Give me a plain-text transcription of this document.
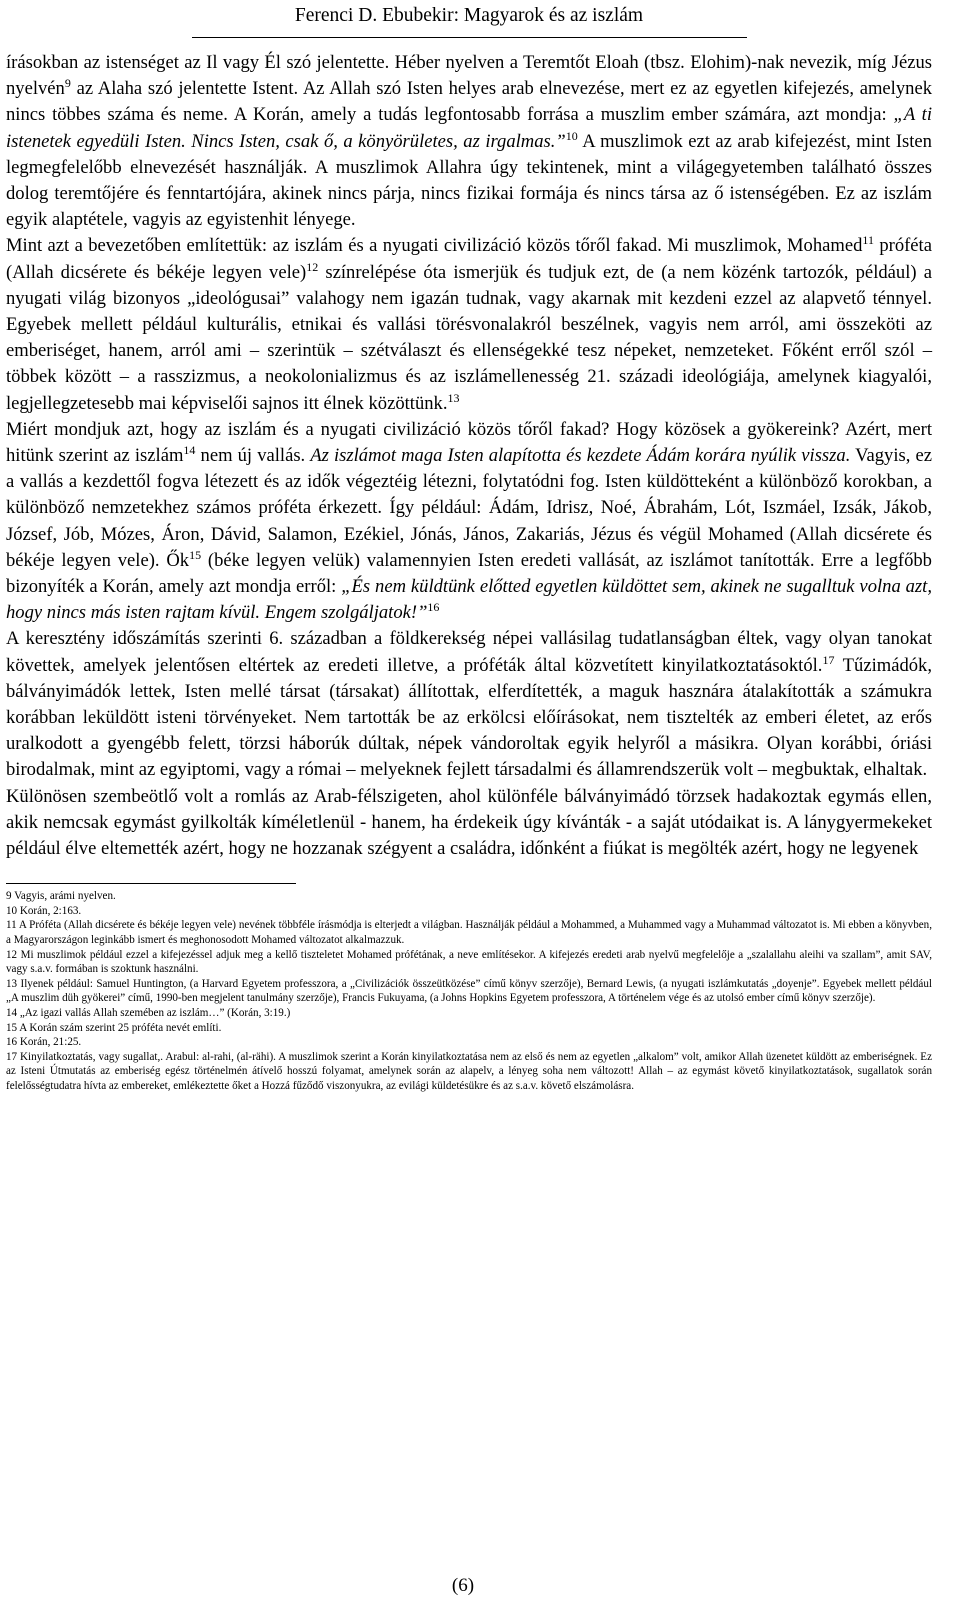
Ferenci D. Ebubekir: Magyarok és az iszlám

írásokban az istenséget az Il vagy Él szó jelentette. Héber nyelven a Teremtőt Eloah (tbsz. Elohim)-nak nevezik, míg Jézus nyelvén$^9$ az Alaha szó jelentette Istent. Az Allah szó Isten helyes arab elnevezése, mert ez az egyetlen kifejezés, amelynek nincs többes száma és neme. A Korán, amely a tudás legfontosabb forrása a muszlim ember számára, azt mondja: „A ti istenetek egyedüli Isten. Nincs Isten, csak ő, a könyörületes, az irgalmas.”$^{10}$ A muszlimok ezt az arab kifejezést, mint Isten legmegfelelőbb elnevezését használják. A muszlimok Allahra úgy tekintenek, mint a világegyetemben található összes dolog teremtőjére és fenntartójára, akinek nincs párja, nincs fizikai formája és nincs társa az ő istenségében. Ez az iszlám egyik alaptétele, vagyis az egyistenhit lényege.

Mint azt a bevezetőben említettük: az iszlám és a nyugati civilizáció közös tőről fakad. Mi muszlimok, Mohamed$^{11}$ próféta (Allah dicsérete és békéje legyen vele)$^{12}$ színrelépése óta ismerjük és tudjuk ezt, de (a nem közénk tartozók, például) a nyugati világ bizonyos „ideológusai” valahogy nem igazán tudnak, vagy akarnak mit kezdeni ezzel az alapvető ténnyel. Egyebek mellett például kulturális, etnikai és vallási törésvonalakról beszélnek, vagyis nem arról, ami összeköti az emberiséget, hanem, arról ami – szerintük – szétválaszt és ellenségekké tesz népeket, nemzeteket. Főként erről szól – többek között – a rasszizmus, a neokolonializmus és az iszlámellenesség 21. századi ideológiája, amelynek kiagyalói, legjellegzetesebb mai képviselői sajnos itt élnek közöttünk.$^{13}$

Miért mondjuk azt, hogy az iszlám és a nyugati civilizáció közös tőről fakad? Hogy közösek a gyökereink? Azért, mert hitünk szerint az iszlám$^{14}$ nem új vallás. Az iszlámot maga Isten alapította és kezdete Ádám korára nyúlik vissza. Vagyis, ez a vallás a kezdettől fogva létezett és az idők végeztéig létezni, folytatódni fog. Isten küldötteként a különböző korokban, a különböző nemzetekhez számos próféta érkezett. Így például: Ádám, Idrisz, Noé, Ábrahám, Lót, Iszmáel, Izsák, Jákob, József, Jób, Mózes, Áron, Dávid, Salamon, Ezékiel, Jónás, János, Zakariás, Jézus és végül Mohamed (Allah dicsérete és békéje legyen vele). $Ők^{15}$ (béke legyen velük) valamennyien Isten eredeti vallását, az iszlámot tanították. Erre a legfőbb bizonyíték a Korán, amely azt mondja erről: „És nem küldtünk előtted egyetlen küldöttet sem, akinek ne sugalltuk volna azt, hogy nincs más isten rajtam kívül. Engem szolgáljatok!”$^{16}$

A keresztény időszámítás szerinti 6. században a földkerekség népei vallásilag tudatlanságban éltek, vagy olyan tanokat követtek, amelyek jelentősen eltértek az eredeti illetve, a próféták által közvetített kinyilatkoztatásoktól.$^{17}$ Tűzimádók, bálványimádók lettek, Isten mellé társat (társakat) állítottak, elferdítették, a maguk hasznára átalakították a számukra korábban leküldött isteni törvényeket. Nem tartották be az erkölcsi előírásokat, nem tisztelték az emberi életet, az erős uralkodott a gyengébb felett, törzsi háborúk dúltak, népek vándoroltak egyik helyről a másikra. Olyan korábbi, óriási birodalmak, mint az egyiptomi, vagy a római – melyeknek fejlett társadalmi és államrendszerük volt – megbuktak, elhaltak.

Különösen szembeötlő volt a romlás az Arab-félszigeten, ahol különféle bálványimádó törzsek hadakoztak egymás ellen, akik nemcsak egymást gyilkolták kíméletlenül - hanem, ha érdekeik úgy kívánták - a saját utódaikat is. A lánygyermekeket például élve eltemették azért, hogy ne hozzanak szégyent a családra, időnként a fiúkat is megölték azért, hogy ne legyenek

9 Vagyis, arámi nyelven.

10 Korán, 2:163.

11 A Próféta (Allah dicsérete és békéje legyen vele) nevének többféle írásmódja is elterjedt a világban. Használják például a Mohammed, a Muhammed vagy a Muhammad változatot is. Mi ebben a könyvben, a Magyarországon leginkább ismert és meghonosodott Mohamed változatot alkalmazzuk.

12 Mi muszlimok például ezzel a kifejezéssel adjuk meg a kellő tiszteletet Mohamed prófétának, a neve említésekor. A kifejezés eredeti arab nyelvű megfelelője a „szalallahu aleihi va szallam”, amit SAV, vagy s.a.v. formában is szoktunk használni.

13 Ilyenek például: Samuel Huntington, (a Harvard Egyetem professzora, a „Civilizációk összeütközése” című könyv szerzője), Bernard Lewis, (a nyugati iszlámkutatás „doyenje”. Egyebek mellett például „A muszlim düh gyökerei” című, 1990-ben megjelent tanulmány szerzője), Francis Fukuyama, (a Johns Hopkins Egyetem professzora, A történelem vége és az utolsó ember című könyv szerzője).

14 „Az igazi vallás Allah szemében az iszlám…” (Korán, 3:19.)

15 A Korán szám szerint 25 próféta nevét említi.

16 Korán, 21:25.

17 Kinyilatkoztatás, vagy sugallat,. Arabul: al-rahi, (al-rähi). A muszlimok szerint a Korán kinyilatkoztatása nem az első és nem az egyetlen „alkalom” volt, amikor Allah üzenetet küldött az emberiségnek. Ez az Isteni Útmutatás az emberiség egész történelmén átívelő hosszú folyamat, amelynek során az alapelv, a lényeg soha nem változott! Allah – az egymást követő kinyilatkoztatások, sugallatok során felelősségtudatra hívta az embereket, emlékeztette őket a Hozzá fűződő viszonyukra, az evilági küldetésükre és az s.a.v. követő elszámolásra.

(6)
